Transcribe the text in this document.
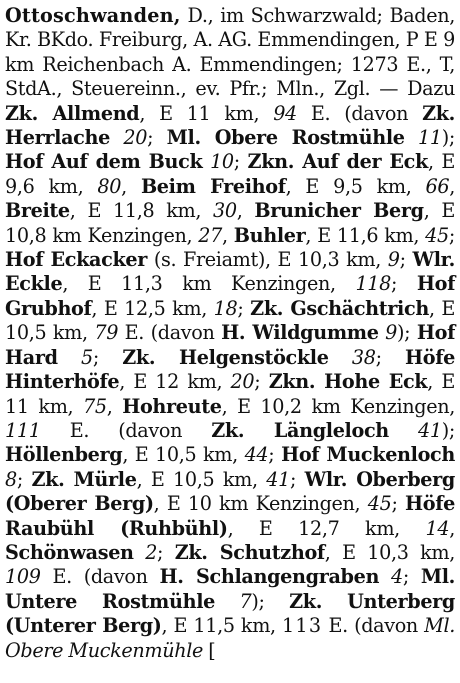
Ottoschwanden, D., im Schwarzwald; Baden, Kr. BKdo. Freiburg, A. AG. Emmendingen, P E 9 km Reichenbach A. Emmendingen; 1273 E., T, StdA., Steuereinn., ev. Pfr.; Mln., Zgl. — Dazu Zk. Allmend, E 11 km, 94 E. (davon Zk. Herrlache 20; Ml. Obere Rostmühle 11); Hof Auf dem Buck 10; Zkn. Auf der Eck, E 9,6 km, 80, Beim Freihof, E 9,5 km, 66, Breite, E 11,8 km, 30, Brunicher Berg, E 10,8 km Kenzingen, 27, Buhler, E 11,6 km, 45; Hof Eckacker (s. Freiamt), E 10,3 km, 9; Wlr. Eckle, E 11,3 km Kenzingen, 118; Hof Grubhof, E 12,5 km, 18; Zk. Gschächtrich, E 10,5 km, 79 E. (davon H. Wildgumme 9); Hof Hard 5; Zk. Helgenstöckle 38; Höfe Hinterhöfe, E 12 km, 20; Zkn. Hohe Eck, E 11 km, 75, Hohreute, E 10,2 km Kenzingen, 111 E. (davon Zk. Längleloch 41); Höllenberg, E 10,5 km, 44; Hof Muckenloch 8; Zk. Mürle, E 10,5 km, 41; Wlr. Oberberg (Oberer Berg), E 10 km Kenzingen, 45; Höfe Raubühl (Ruhbühl), E 12,7 km, 14, Schönwasen 2; Zk. Schutzhof, E 10,3 km, 109 E. (davon H. Schlangengraben 4; Ml. Untere Rostmühle 7); Zk. Unterberg (Unterer Berg), E 11,5 km, 113 E. (davon Ml. Obere Muckenmühle [
